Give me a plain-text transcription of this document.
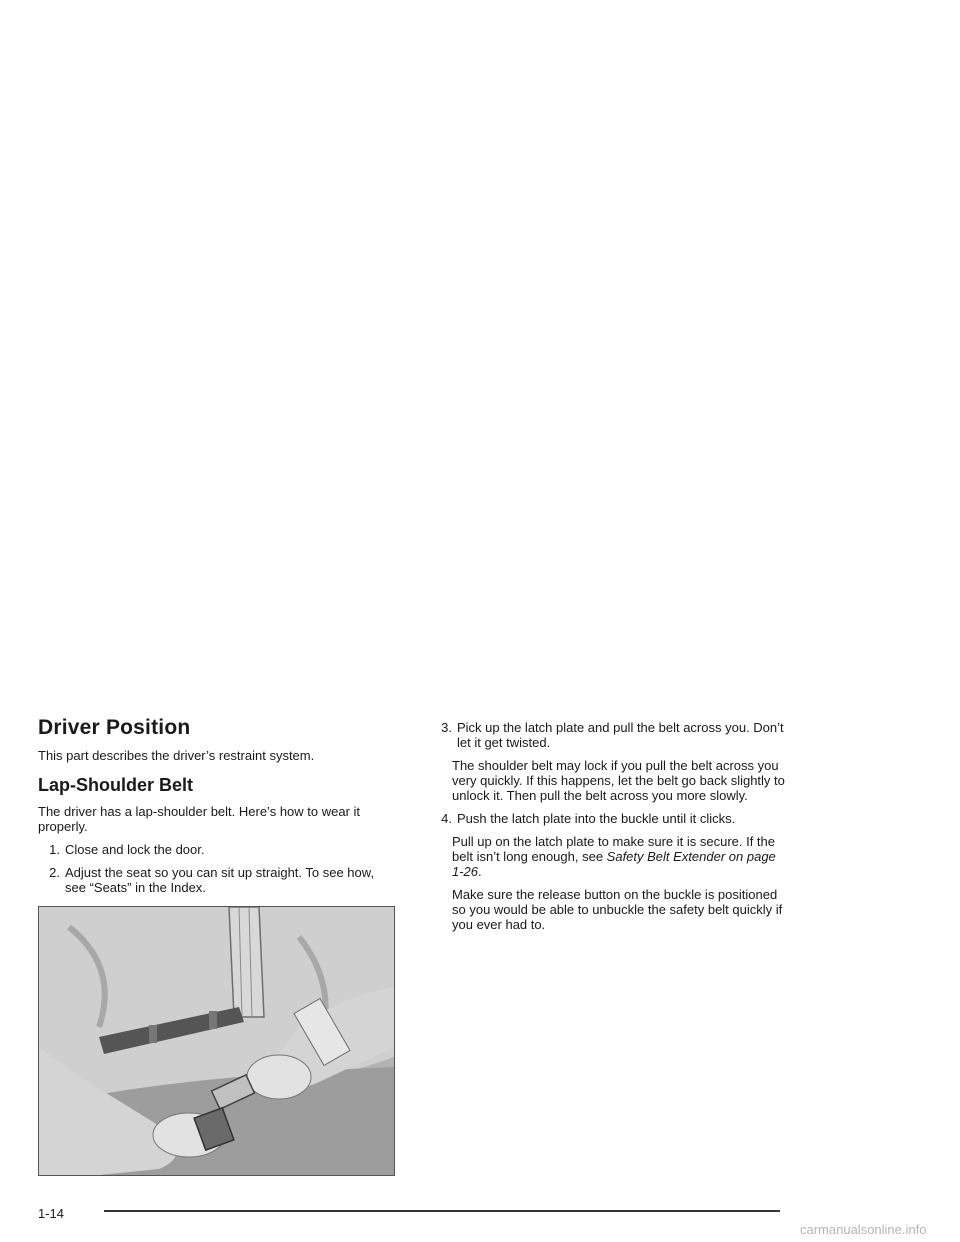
Driver Position

This part describes the driver’s restraint system.

Lap-Shoulder Belt

The driver has a lap-shoulder belt. Here’s how to wear it properly.

1. Close and lock the door.
2. Adjust the seat so you can sit up straight. To see how, see “Seats” in the Index.
3. Pick up the latch plate and pull the belt across you. Don’t let it get twisted.

The shoulder belt may lock if you pull the belt across you very quickly. If this happens, let the belt go back slightly to unlock it. Then pull the belt across you more slowly.

4. Push the latch plate into the buckle until it clicks.

Pull up on the latch plate to make sure it is secure. If the belt isn’t long enough, see Safety Belt Extender on page 1-26.

Make sure the release button on the buckle is positioned so you would be able to unbuckle the safety belt quickly if you ever had to.

1-14
carmanualsonline.info
